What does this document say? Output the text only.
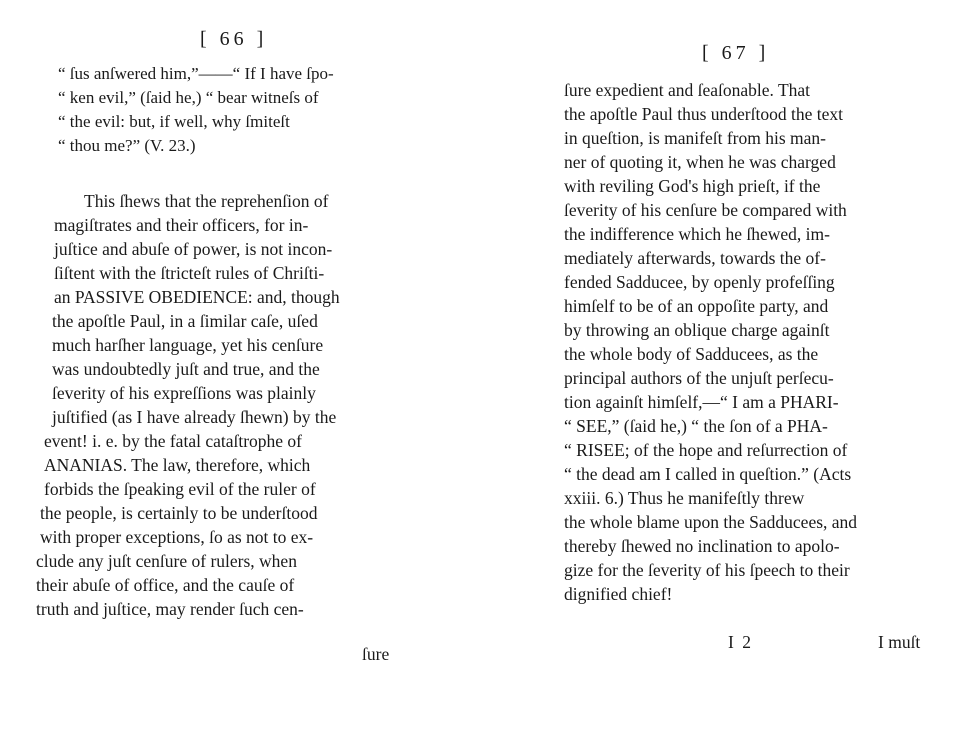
[ 66 ]
“ ſus anſwered him,”——“ If I have ſpo-
“ ken evil,” (ſaid he,) “ bear witneſs of
“ the evil: but, if well, why ſmiteſt
“ thou me?” (V. 23.)
This ſhews that the reprehenſion of
magiſtrates and their officers, for in-
juſtice and abuſe of power, is not incon-
ſiſtent with the ſtricteſt rules of Chriſti-
an PASSIVE OBEDIENCE: and, though
the apoſtle Paul, in a ſimilar caſe, uſed
much harſher language, yet his cenſure
was undoubtedly juſt and true, and the
ſeverity of his expreſſions was plainly
juſtified (as I have already ſhewn) by the
event! i. e. by the fatal cataſtrophe of
ANANIAS. The law, therefore, which
forbids the ſpeaking evil of the ruler of
the people, is certainly to be underſtood
with proper exceptions, ſo as not to ex-
clude any juſt cenſure of rulers, when
their abuſe of office, and the cauſe of
truth and juſtice, may render ſuch cen-
ſure
[ 67 ]
ſure expedient and ſeaſonable. That
the apoſtle Paul thus underſtood the text
in queſtion, is manifeſt from his man-
ner of quoting it, when he was charged
with reviling God's high prieſt, if the
ſeverity of his cenſure be compared with
the indifference which he ſhewed, im-
mediately afterwards, towards the of-
fended Sadducee, by openly profeſſing
himſelf to be of an oppoſite party, and
by throwing an oblique charge againſt
the whole body of Sadducees, as the
principal authors of the unjuſt perſecu-
tion againſt himſelf,—“ I am a PHARI-
“ SEE,” (ſaid he,) “ the ſon of a PHA-
“ RISEE; of the hope and reſurrection of
“ the dead am I called in queſtion.” (Acts
xxiii. 6.) Thus he manifeſtly threw
the whole blame upon the Sadducees, and
thereby ſhewed no inclination to apolo-
gize for the ſeverity of his ſpeech to their
dignified chief!
I 2	I muſt
